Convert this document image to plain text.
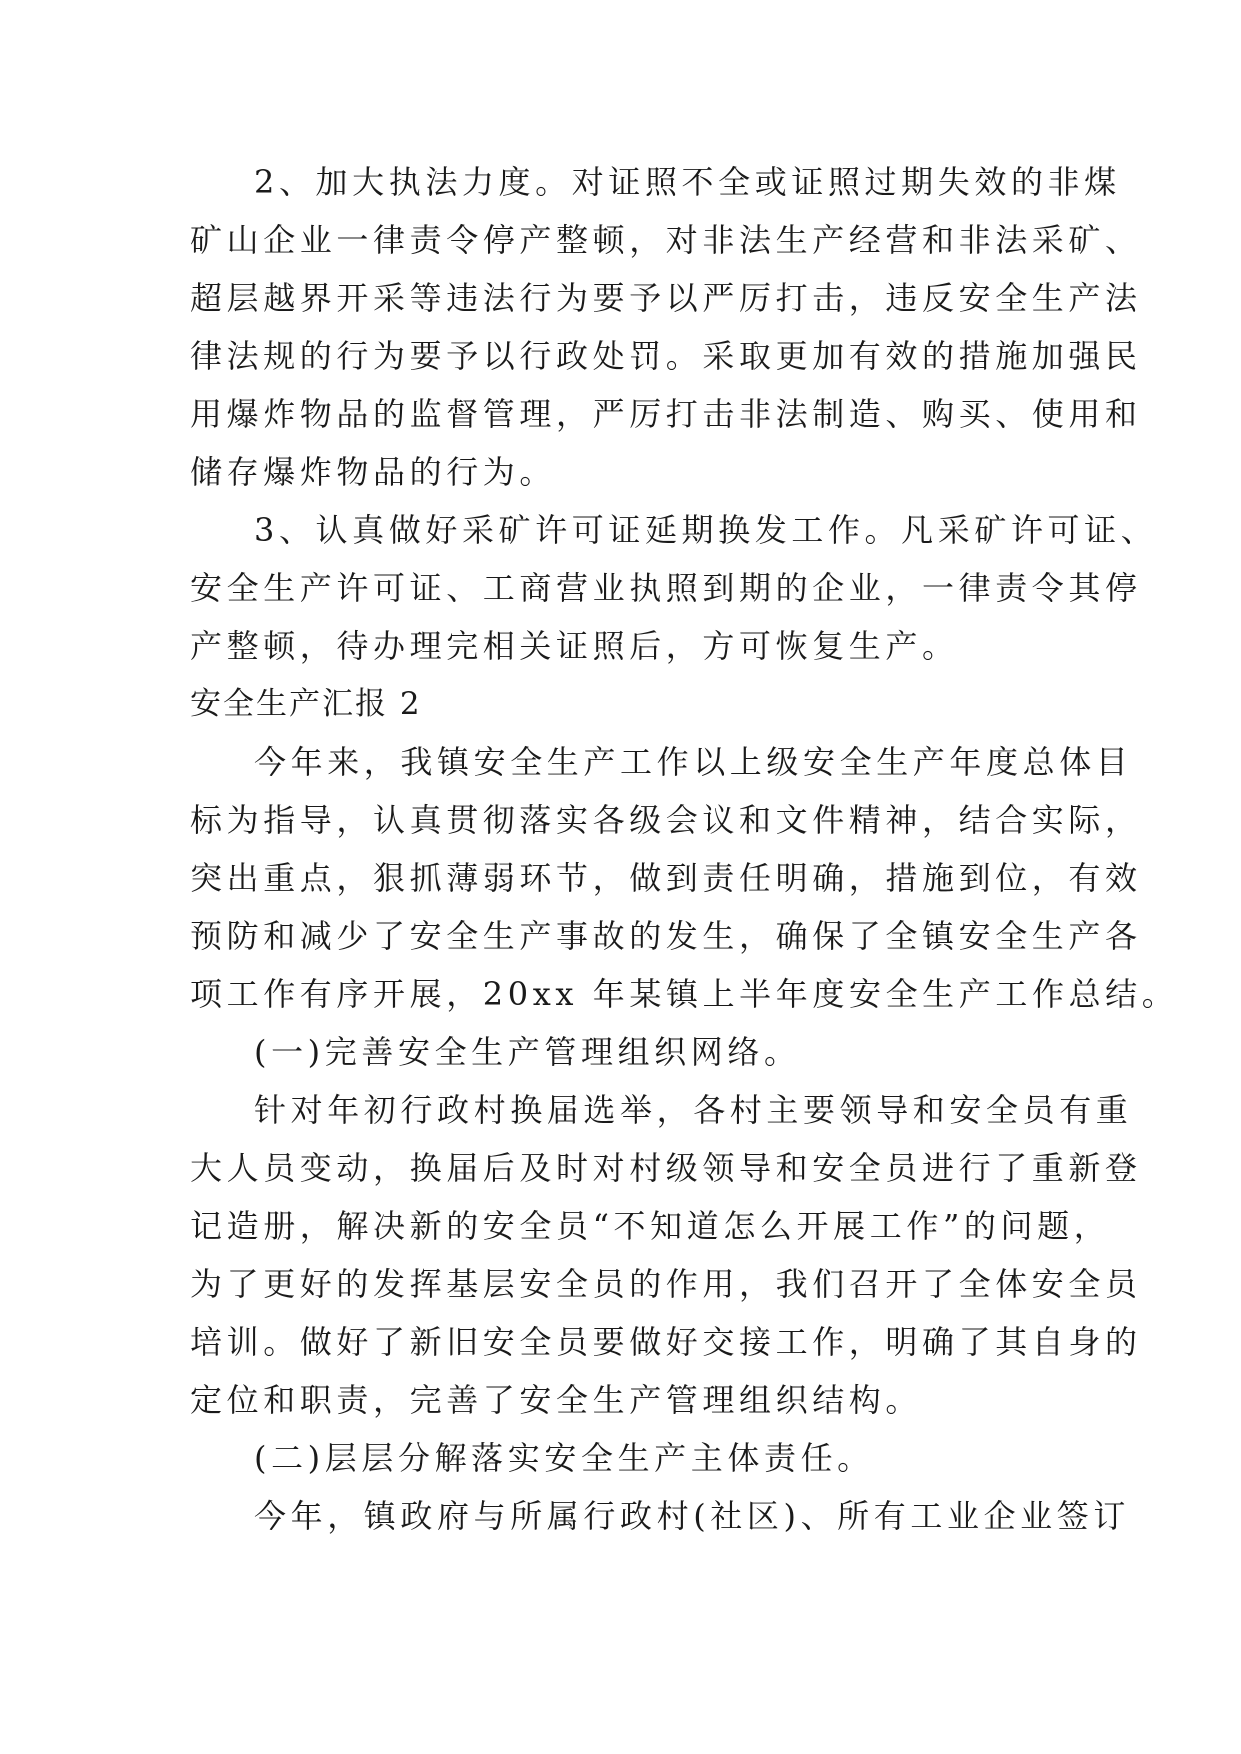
2、加大执法力度。对证照不全或证照过期失效的非煤
矿山企业一律责令停产整顿，对非法生产经营和非法采矿、
超层越界开采等违法行为要予以严厉打击，违反安全生产法
律法规的行为要予以行政处罚。采取更加有效的措施加强民
用爆炸物品的监督管理，严厉打击非法制造、购买、使用和
储存爆炸物品的行为。
3、认真做好采矿许可证延期换发工作。凡采矿许可证、
安全生产许可证、工商营业执照到期的企业，一律责令其停
产整顿，待办理完相关证照后，方可恢复生产。
安全生产汇报 2
今年来，我镇安全生产工作以上级安全生产年度总体目
标为指导，认真贯彻落实各级会议和文件精神，结合实际，
突出重点，狠抓薄弱环节，做到责任明确，措施到位，有效
预防和减少了安全生产事故的发生，确保了全镇安全生产各
项工作有序开展，20xx 年某镇上半年度安全生产工作总结。
(一)完善安全生产管理组织网络。
针对年初行政村换届选举，各村主要领导和安全员有重
大人员变动，换届后及时对村级领导和安全员进行了重新登
记造册，解决新的安全员“不知道怎么开展工作”的问题，
为了更好的发挥基层安全员的作用，我们召开了全体安全员
培训。做好了新旧安全员要做好交接工作，明确了其自身的
定位和职责，完善了安全生产管理组织结构。
(二)层层分解落实安全生产主体责任。
今年，镇政府与所属行政村(社区)、所有工业企业签订
